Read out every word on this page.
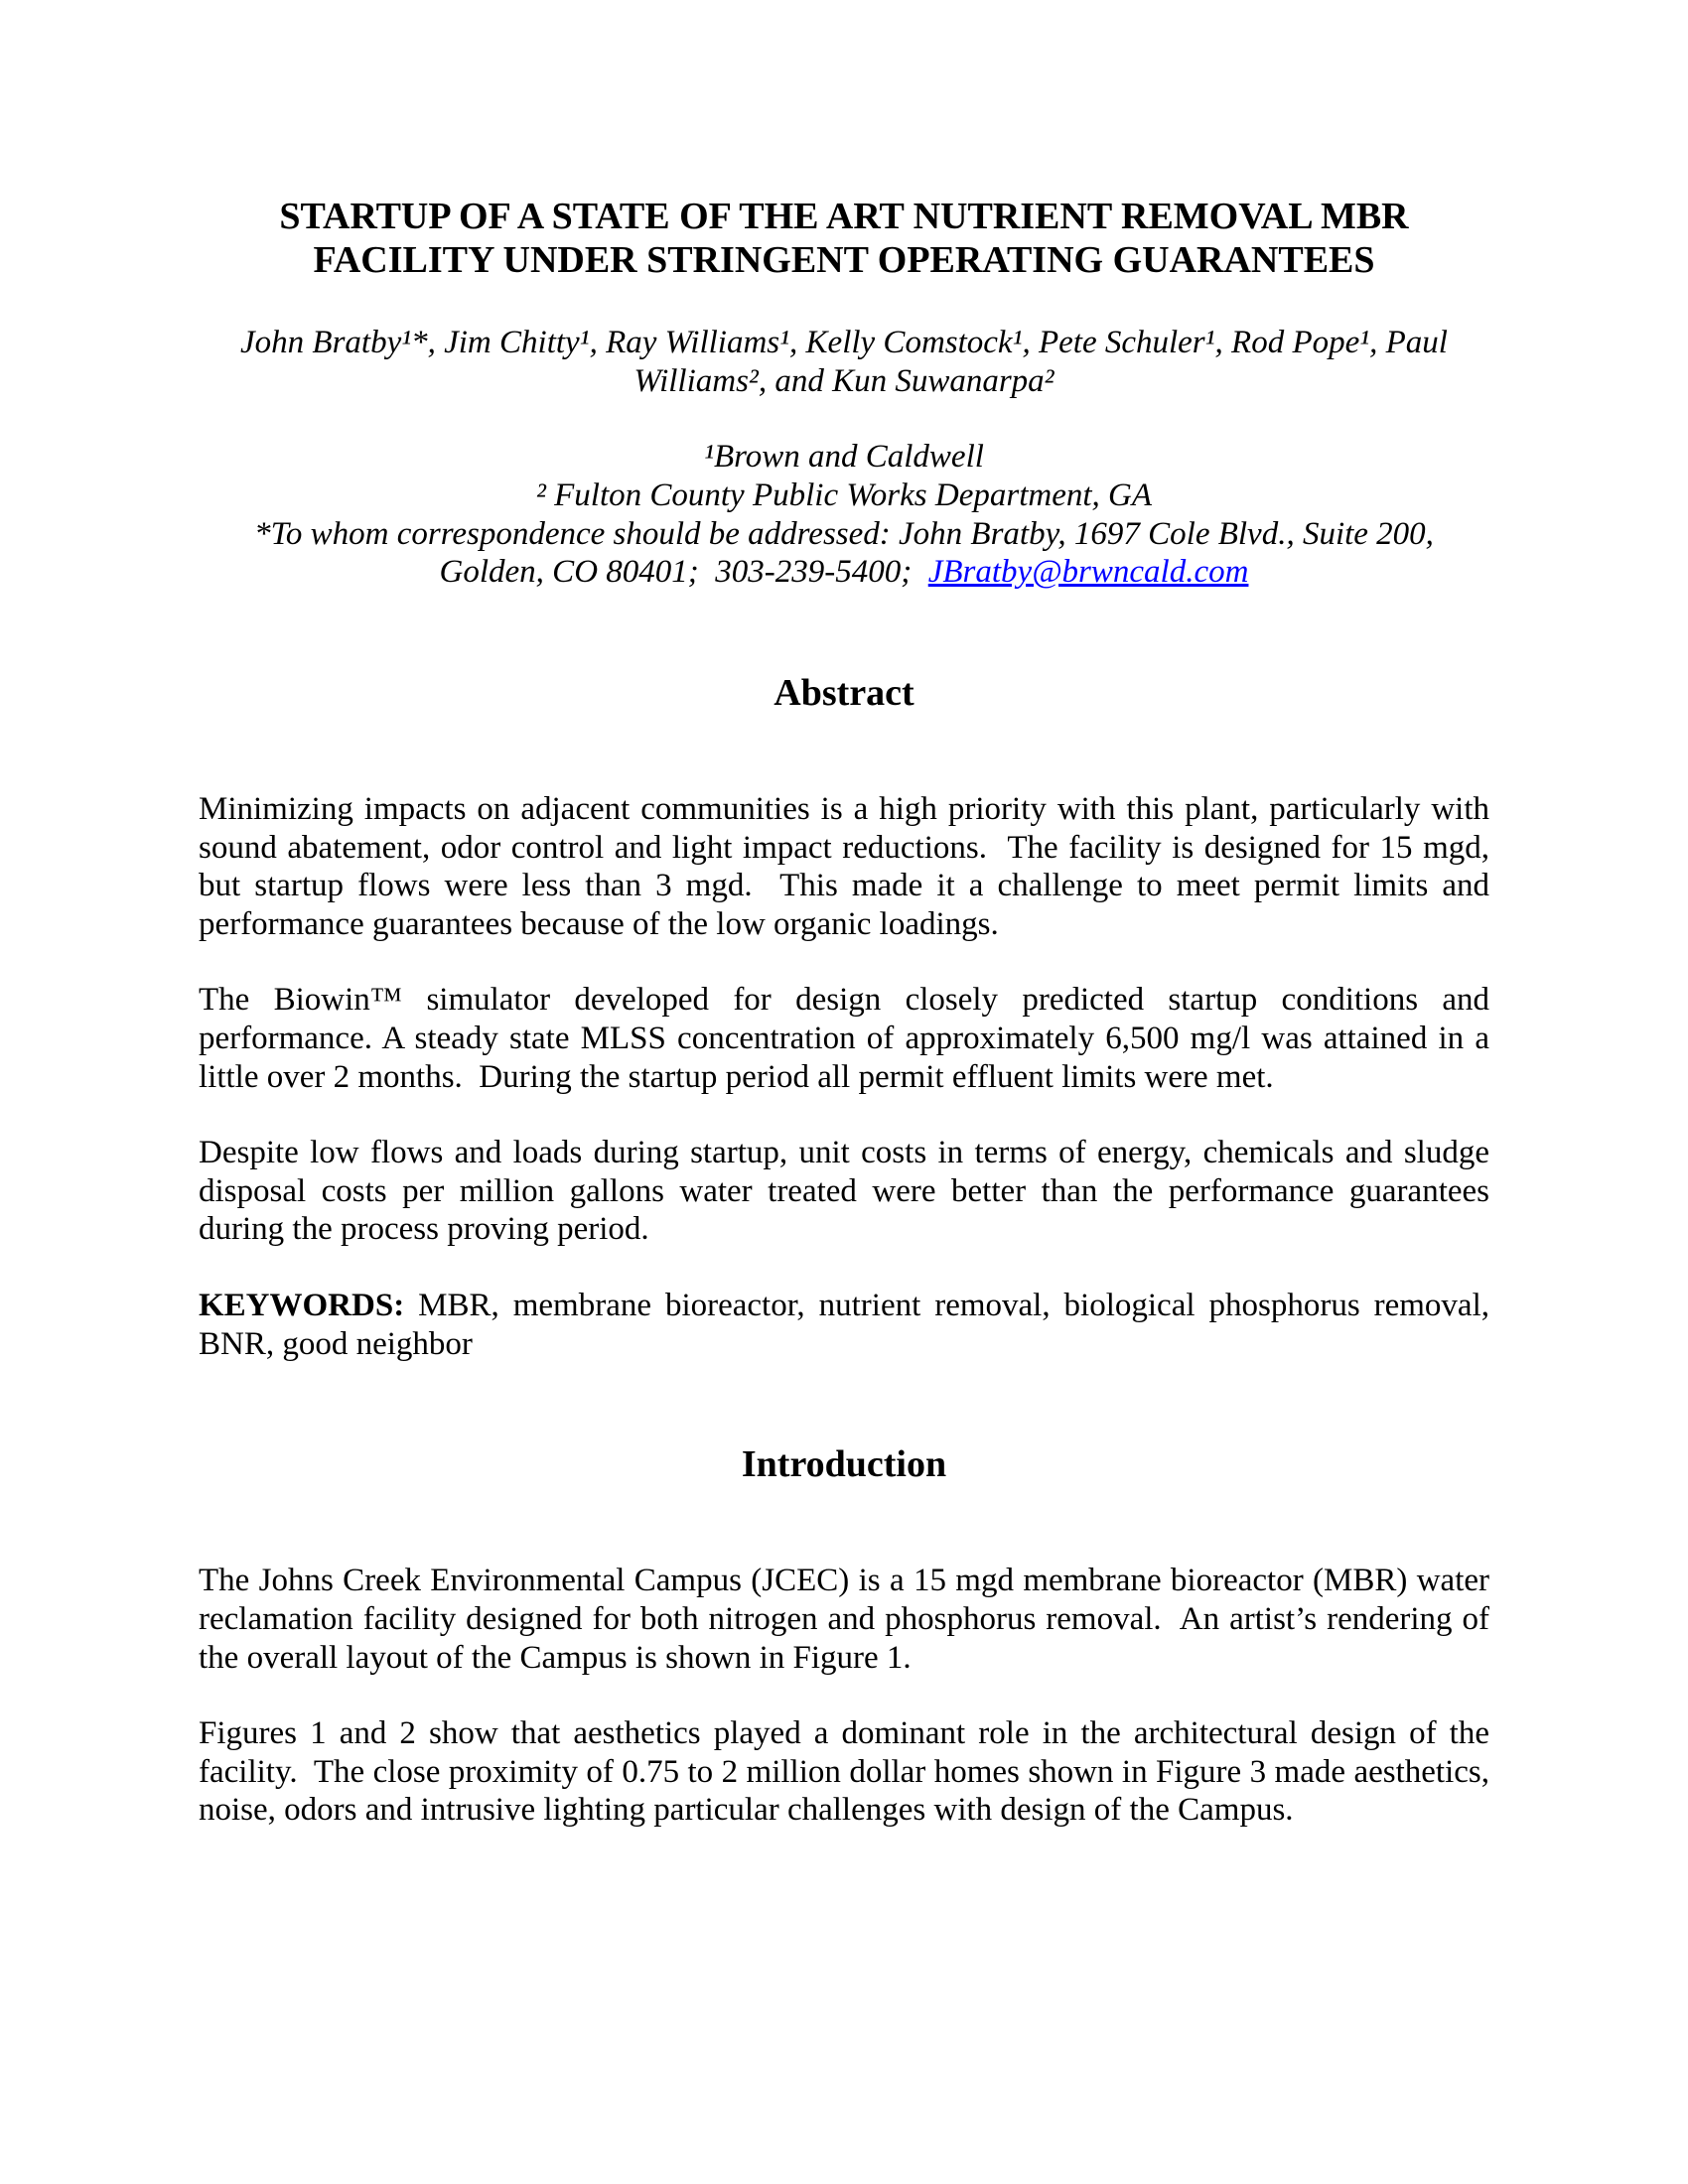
STARTUP OF A STATE OF THE ART NUTRIENT REMOVAL MBR
FACILITY UNDER STRINGENT OPERATING GUARANTEES

John Bratby¹*, Jim Chitty¹, Ray Williams¹, Kelly Comstock¹, Pete Schuler¹, Rod Pope¹, Paul
Williams², and Kun Suwanarpa²

¹Brown and Caldwell
² Fulton County Public Works Department, GA
*To whom correspondence should be addressed: John Bratby, 1697 Cole Blvd., Suite 200,
Golden, CO 80401;  303-239-5400;  JBratby@brwncald.com
Abstract

Minimizing impacts on adjacent communities is a high priority with this plant, particularly with sound abatement, odor control and light impact reductions.  The facility is designed for 15 mgd, but startup flows were less than 3 mgd.  This made it a challenge to meet permit limits and performance guarantees because of the low organic loadings.

The Biowin™ simulator developed for design closely predicted startup conditions and performance. A steady state MLSS concentration of approximately 6,500 mg/l was attained in a little over 2 months.  During the startup period all permit effluent limits were met.

Despite low flows and loads during startup, unit costs in terms of energy, chemicals and sludge disposal costs per million gallons water treated were better than the performance guarantees during the process proving period.

KEYWORDS: MBR, membrane bioreactor, nutrient removal, biological phosphorus removal, BNR, good neighbor

Introduction

The Johns Creek Environmental Campus (JCEC) is a 15 mgd membrane bioreactor (MBR) water reclamation facility designed for both nitrogen and phosphorus removal.  An artist’s rendering of the overall layout of the Campus is shown in Figure 1.

Figures 1 and 2 show that aesthetics played a dominant role in the architectural design of the facility.  The close proximity of 0.75 to 2 million dollar homes shown in Figure 3 made aesthetics, noise, odors and intrusive lighting particular challenges with design of the Campus.
